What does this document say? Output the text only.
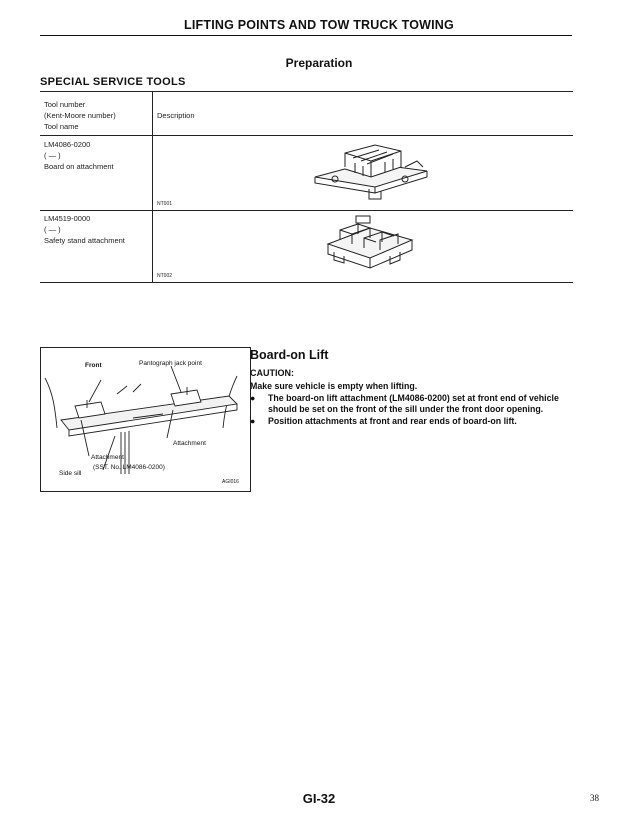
LIFTING POINTS AND TOW TRUCK TOWING
Preparation
SPECIAL SERVICE TOOLS
Tool number
(Kent-Moore number)
Tool name
Description
LM4086-0200
( — )
Board on attachment
NT001
LM4519-0000
( — )
Safety stand attachment
NT002
Front	Pantograph jack point
Attachment
Attachment
Side sill
(SST. No. LM4086-0200)
AGI016
Board-on Lift
CAUTION:
Make sure vehicle is empty when lifting.
● The board-on lift attachment (LM4086-0200) set at front end of vehicle should be set on the front of the sill under the front door opening.
● Position attachments at front and rear ends of board-on lift.
GI-32	38
